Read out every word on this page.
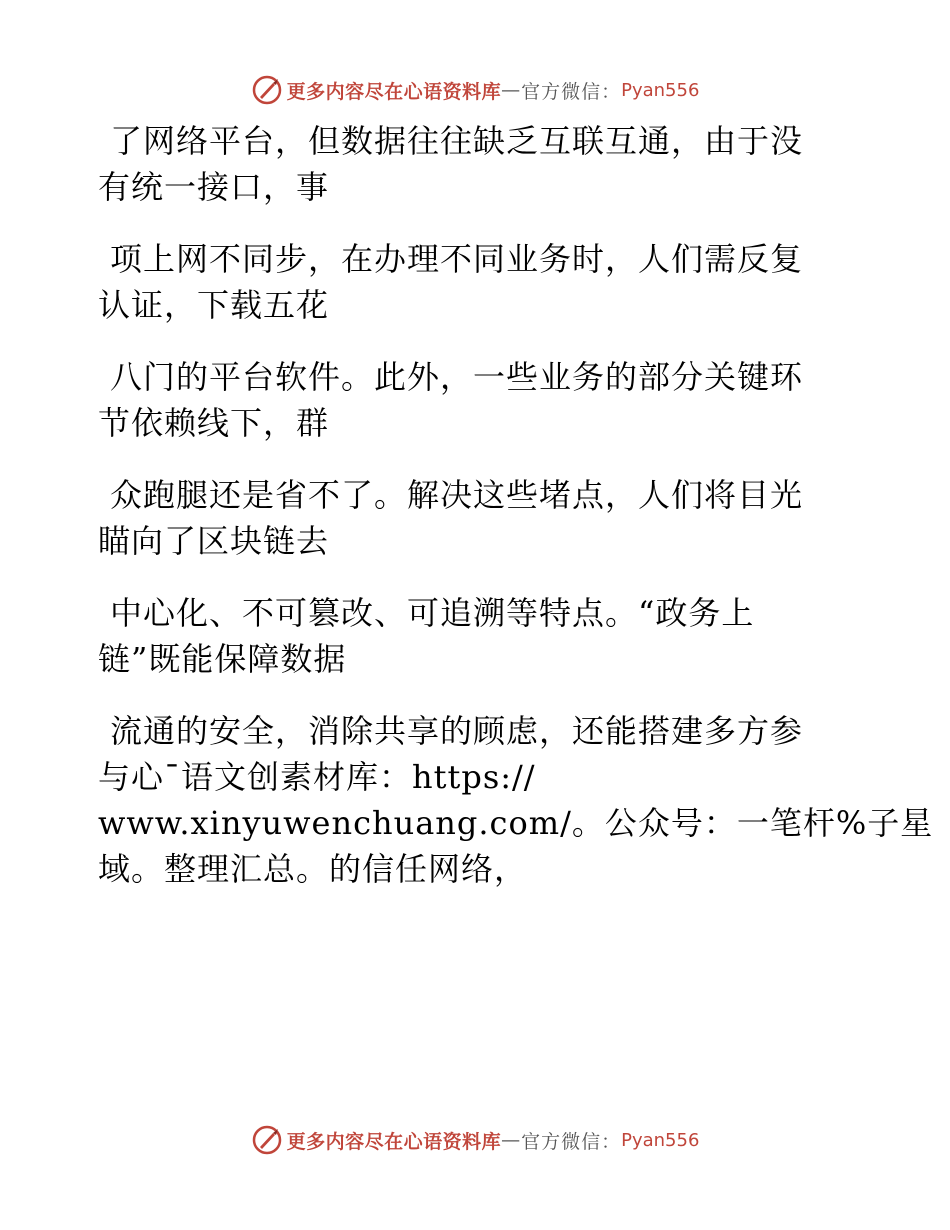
更多内容尽在心语资料库 — 官方微信： Pyan556
了网络平台，但数据往往缺乏互联互通，由于没
有统一接口，事
项上网不同步，在办理不同业务时，人们需反复
认证，下载五花
八门的平台软件。此外，一些业务的部分关键环
节依赖线下，群
众跑腿还是省不了。解决这些堵点，人们将目光
瞄向了区块链去
中心化、不可篡改、可追溯等特点。“政务上
链”既能保障数据
流通的安全，消除共享的顾虑，还能搭建多方参
与心¯语文创素材库：https://
www.xinyuwenchuang.com/。公众号：一笔杆%子星
域。整理汇总。的信任网络，
更多内容尽在心语资料库 — 官方微信： Pyan556
